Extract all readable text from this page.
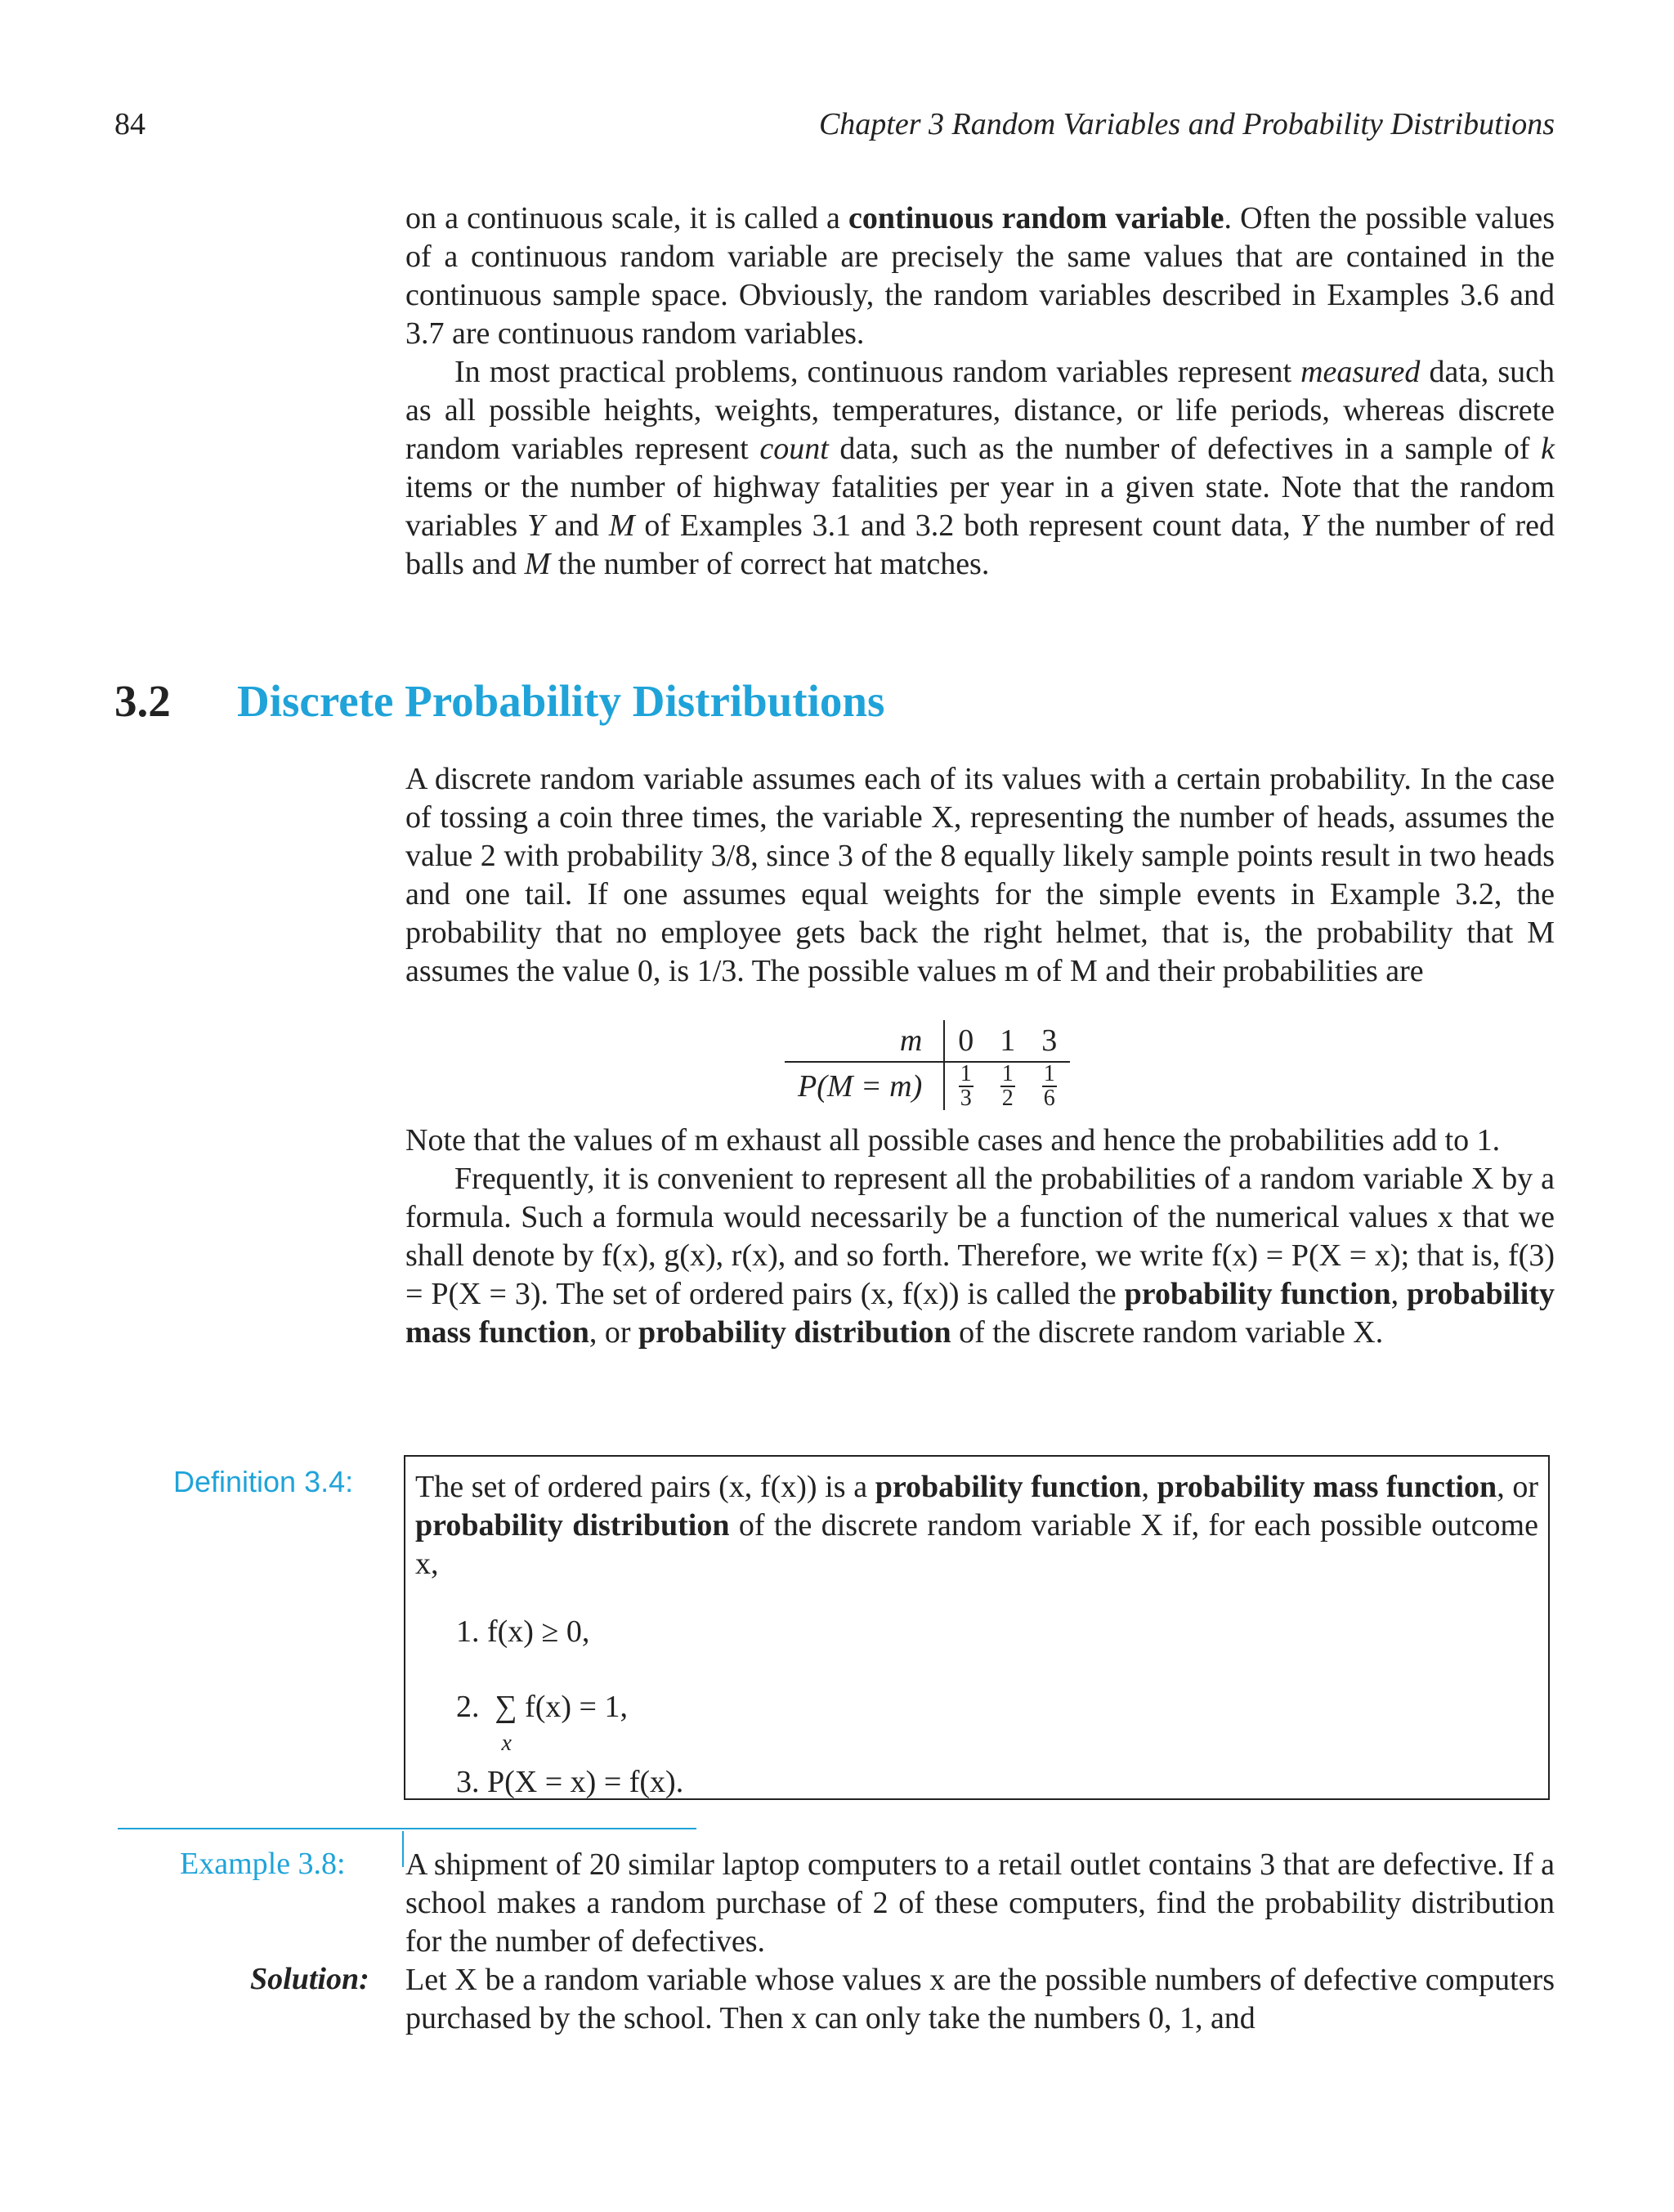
84	Chapter 3 Random Variables and Probability Distributions

on a continuous scale, it is called a continuous random variable. Often the possible values of a continuous random variable are precisely the same values that are contained in the continuous sample space. Obviously, the random variables described in Examples 3.6 and 3.7 are continuous random variables.

In most practical problems, continuous random variables represent measured data, such as all possible heights, weights, temperatures, distance, or life periods, whereas discrete random variables represent count data, such as the number of defectives in a sample of k items or the number of highway fatalities per year in a given state. Note that the random variables Y and M of Examples 3.1 and 3.2 both represent count data, Y the number of red balls and M the number of correct hat matches.

3.2 Discrete Probability Distributions

A discrete random variable assumes each of its values with a certain probability. In the case of tossing a coin three times, the variable X, representing the number of heads, assumes the value 2 with probability 3/8, since 3 of the 8 equally likely sample points result in two heads and one tail. If one assumes equal weights for the simple events in Example 3.2, the probability that no employee gets back the right helmet, that is, the probability that M assumes the value 0, is 1/3. The possible values m of M and their probabilities are

m	0	1	3
P(M = m)	$\frac{1}{3}$	$\frac{1}{2}$	$\frac{1}{6}$

Note that the values of m exhaust all possible cases and hence the probabilities add to 1.

Frequently, it is convenient to represent all the probabilities of a random variable X by a formula. Such a formula would necessarily be a function of the numerical values x that we shall denote by f(x), g(x), r(x), and so forth. Therefore, we write f(x) = P(X = x); that is, f(3) = P(X = 3). The set of ordered pairs (x, f(x)) is called the probability function, probability mass function, or probability distribution of the discrete random variable X.

Definition 3.4: The set of ordered pairs (x, f(x)) is a probability function, probability mass function, or probability distribution of the discrete random variable X if, for each possible outcome x,
1. f(x) ≥ 0,
2. ∑
x
f(x) = 1,
3. P(X = x) = f(x).
Example 3.8: A shipment of 20 similar laptop computers to a retail outlet contains 3 that are defective. If a school makes a random purchase of 2 of these computers, find the probability distribution for the number of defectives.
Solution: Let X be a random variable whose values x are the possible numbers of defective computers purchased by the school. Then x can only take the numbers 0, 1, and
